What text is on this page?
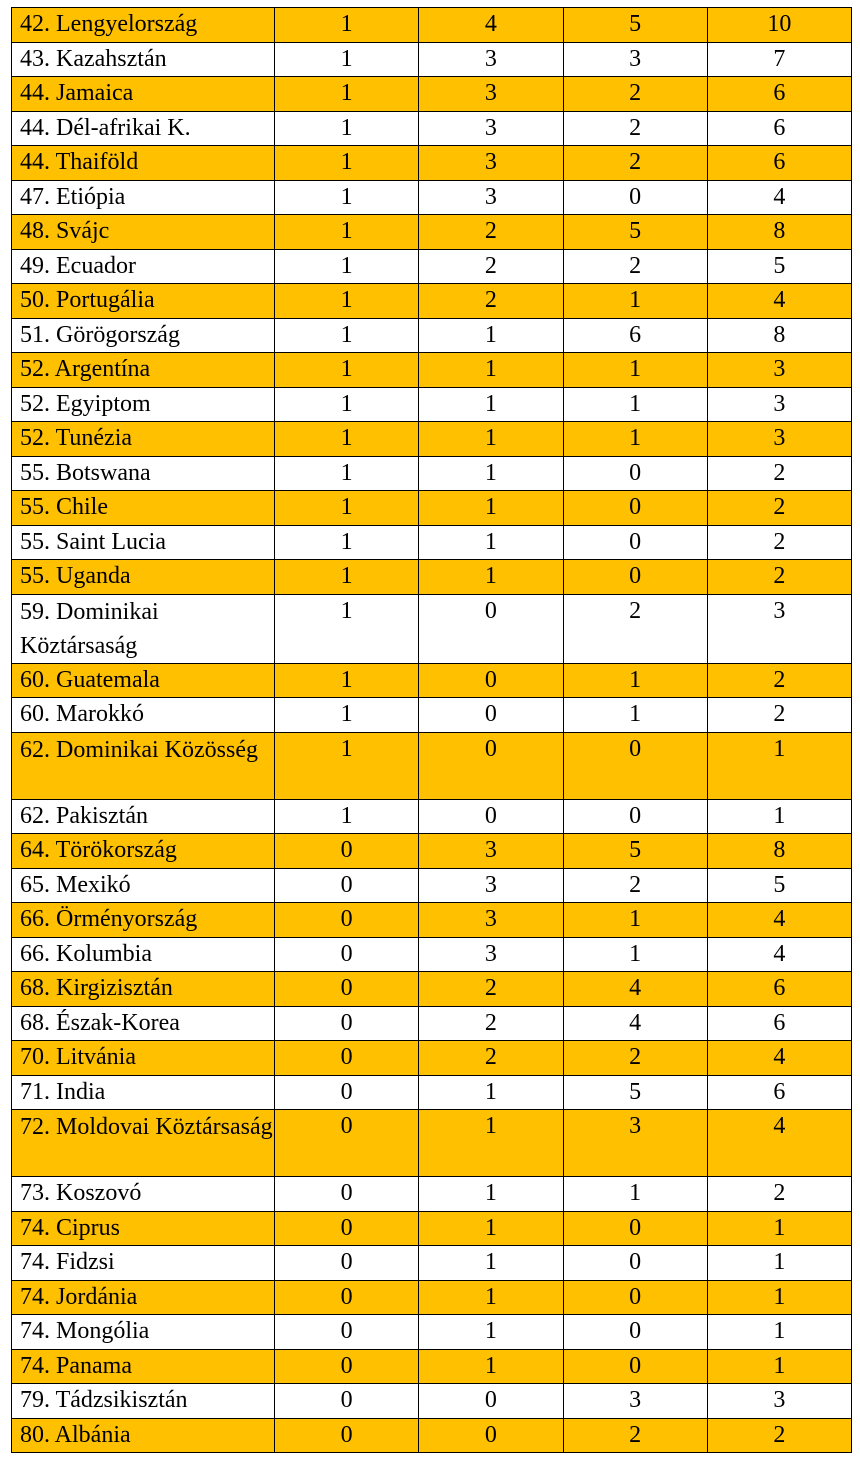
42. Lengyelország	1	4	5	10
43. Kazahsztán	1	3	3	7
44. Jamaica	1	3	2	6
44. Dél-afrikai K.	1	3	2	6
44. Thaiföld	1	3	2	6
47. Etiópia	1	3	0	4
48. Svájc	1	2	5	8
49. Ecuador	1	2	2	5
50. Portugália	1	2	1	4
51. Görögország	1	1	6	8
52. Argentína	1	1	1	3
52. Egyiptom	1	1	1	3
52. Tunézia	1	1	1	3
55. Botswana	1	1	0	2
55. Chile	1	1	0	2
55. Saint Lucia	1	1	0	2
55. Uganda	1	1	0	2
59. Dominikai Köztársaság	1	0	2	3
60. Guatemala	1	0	1	2
60. Marokkó	1	0	1	2
62. Dominikai Közösség	1	0	0	1
62. Pakisztán	1	0	0	1
64. Törökország	0	3	5	8
65. Mexikó	0	3	2	5
66. Örményország	0	3	1	4
66. Kolumbia	0	3	1	4
68. Kirgizisztán	0	2	4	6
68. Észak-Korea	0	2	4	6
70. Litvánia	0	2	2	4
71. India	0	1	5	6
72. Moldovai Köztársaság	0	1	3	4
73. Koszovó	0	1	1	2
74. Ciprus	0	1	0	1
74. Fidzsi	0	1	0	1
74. Jordánia	0	1	0	1
74. Mongólia	0	1	0	1
74. Panama	0	1	0	1
79. Tádzsikisztán	0	0	3	3
80. Albánia	0	0	2	2
